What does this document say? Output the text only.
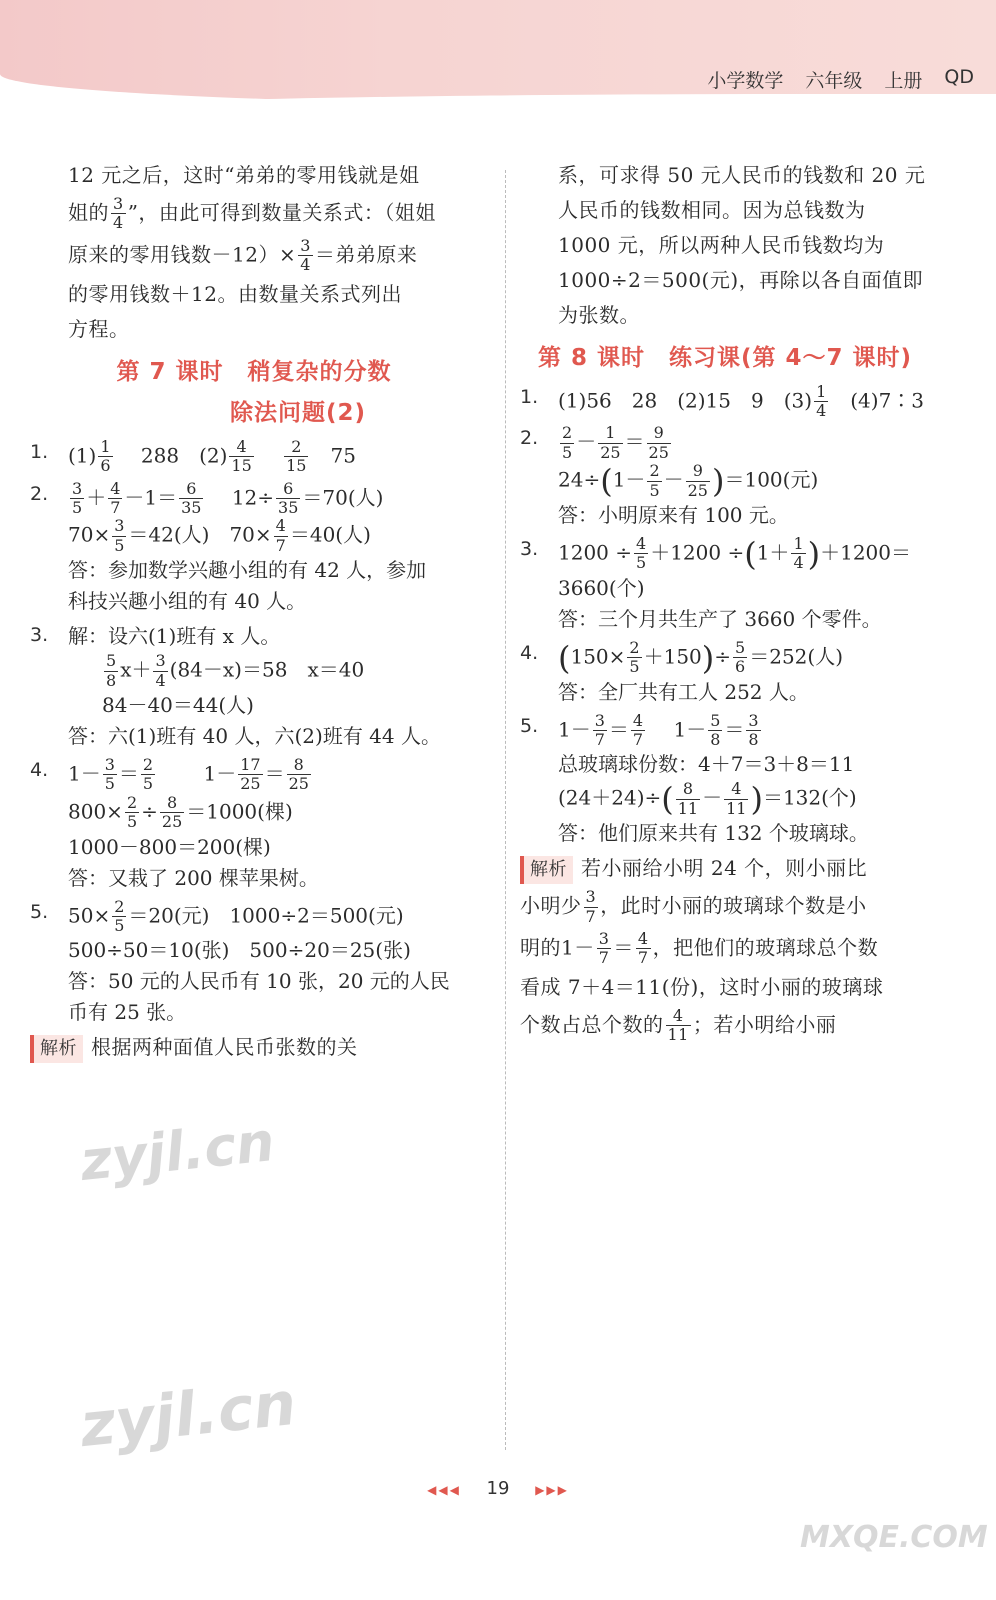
小学数学 六年级 上册 QD

12 元之后，这时“弟弟的零用钱就是姐

姐的 $\frac{3}{4}$ ”，由此可得到数量关系式：（姐姐

原来的零用钱数$-12)\times \frac{3}{4}$ ＝弟弟原来

的零用钱数＋12。由数量关系式列出

方程。

第 7 课时　稍复杂的分数
除法问题(2)
1. $(1) \frac{1}{6}$
　 288　$(2) \frac{4}{15}$
　 $\frac{2}{15}$
　 75
2. $\frac{3}{5} + \frac{4}{7} -1= \frac{6}{35}$
　 $12\div \frac{6}{35} =70$(人)
$70\times \frac{3}{5} =42$(人)　$70\times \frac{4}{7} =40$(人)
答：参加数学兴趣小组的有 42 人，参加
科技兴趣小组的有 40 人。
3. 解：设六(1)班有 x 人。
$\frac{5}{8} x+ \frac{3}{4} (84-x)=58$　x＝40
84－40＝44(人)
答：六(1)班有 40 人，六(2)班有 44 人。
4. $1- \frac{3}{5} = \frac{2}{5}$
　　 $1- \frac{17}{25} = \frac{8}{25}$
$800\times \frac{2}{5} \div \frac{8}{25} =1000$(棵)
1000－800＝200(棵)
答：又栽了 200 棵苹果树。
5. $50\times \frac{2}{5} =20$(元)　1000÷2＝500(元)
500÷50＝10(张)　500÷20＝25(张)
答：50 元的人民币有 10 张，20 元的人民
币有 25 张。
解析 根据两种面值人民币张数的关

系，可求得 50 元人民币的钱数和 20 元

人民币的钱数相同。因为总钱数为

1000 元，所以两种人民币钱数均为

1000÷2＝500(元)，再除以各自面值即

为张数。

第 8 课时　练习课(第 4～7 课时)
1. (1)56　28　(2)15　9　$(3) \frac{1}{4}$
　 (4)7∶3
2. $\frac{2}{5} - \frac{1}{25} = \frac{9}{25}$
$24\div(1- \frac{2}{5} - \frac{9}{25} )=100$(元)
答：小明原来有 100 元。
3. $1200 \div \frac{4}{5} +1200 \div(1+ \frac{1}{4} )+1200=$
3660(个)
答：三个月共生产了 3660 个零件。
4. $(150\times \frac{2}{5} +150)\div \frac{5}{6} =252$(人)
答：全厂共有工人 252 人。
5. $1- \frac{3}{7} = \frac{4}{7}$
　 $1- \frac{5}{8} = \frac{3}{8}$
总玻璃球份数：4＋7＝3＋8＝11
$(24+24)\div( \frac{8}{11} - \frac{4}{11} )=132$(个)
答：他们原来共有 132 个玻璃球。
解析 若小丽给小明 24 个，则小丽比
小明少 $\frac{3}{7}$ ，此时小丽的玻璃球个数是小
明的$1- \frac{3}{7} = \frac{4}{7}$ ，把他们的玻璃球总个数
看成 7＋4＝11(份)，这时小丽的玻璃球
个数占总个数的 $\frac{4}{11}$ ；若小明给小丽
◀◀◀ 19 ▶▶▶
zyjl.cn
zyjl.cn
MXQE.COM
